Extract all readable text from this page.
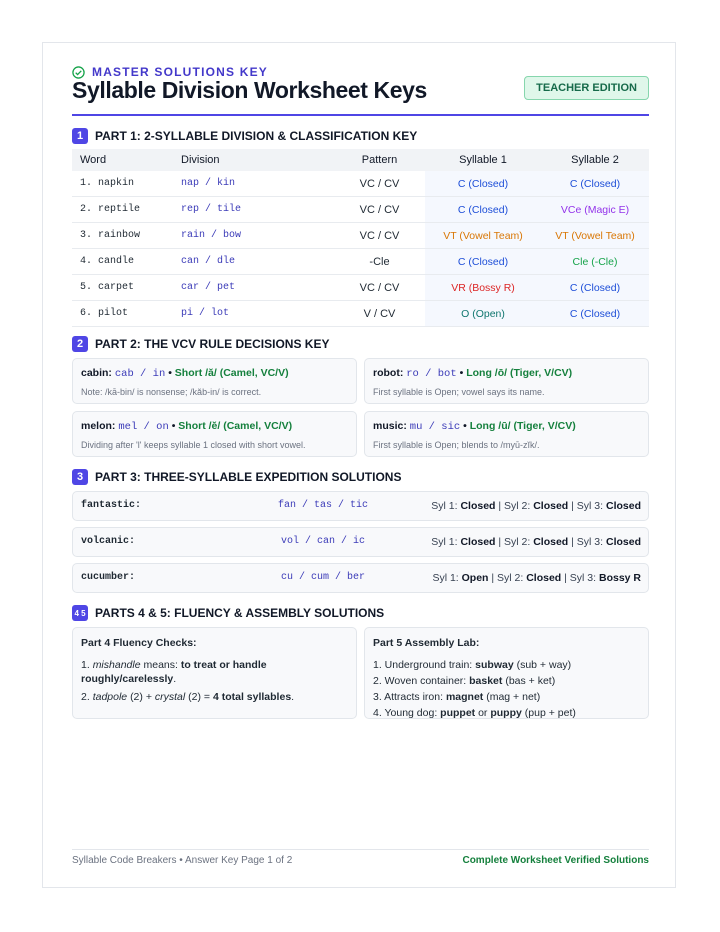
MASTER SOLUTIONS KEY
Syllable Division Worksheet Keys	TEACHER EDITION
1 PART 1: 2-SYLLABLE DIVISION & CLASSIFICATION KEY
Word	Division	Pattern	Syllable 1	Syllable 2
1. napkin	nap / kin	VC / CV	C (Closed)	C (Closed)
2. reptile	rep / tile	VC / CV	C (Closed)	VCe (Magic E)
3. rainbow	rain / bow	VC / CV	VT (Vowel Team)	VT (Vowel Team)
4. candle	can / dle	-Cle	C (Closed)	Cle (-Cle)
5. carpet	car / pet	VC / CV	VR (Bossy R)	C (Closed)
6. pilot	pi / lot	V / CV	O (Open)	C (Closed)
2 PART 2: THE VCV RULE DECISIONS KEY
cabin: cab / in • Short /ă/ (Camel, VC/V)
Note: /kā-bin/ is nonsense; /kăb-in/ is correct.
robot: ro / bot • Long /ō/ (Tiger, V/CV)
First syllable is Open; vowel says its name.
melon: mel / on • Short /ĕ/ (Camel, VC/V)
Dividing after 'l' keeps syllable 1 closed with short vowel.
music: mu / sic • Long /ū/ (Tiger, V/CV)
First syllable is Open; blends to /myū-zĭk/.
3 PART 3: THREE-SYLLABLE EXPEDITION SOLUTIONS
fantastic:	fan / tas / tic	Syl 1: Closed | Syl 2: Closed | Syl 3: Closed
volcanic:	vol / can / ic	Syl 1: Closed | Syl 2: Closed | Syl 3: Closed
cucumber:	cu / cum / ber	Syl 1: Open | Syl 2: Closed | Syl 3: Bossy R
4 5 PARTS 4 & 5: FLUENCY & ASSEMBLY SOLUTIONS
Part 4 Fluency Checks:
1. mishandle means: to treat or handle roughly/carelessly.
2. tadpole (2) + crystal (2) = 4 total syllables.
Part 5 Assembly Lab:
1. Underground train: subway (sub + way)
2. Woven container: basket (bas + ket)
3. Attracts iron: magnet (mag + net)
4. Young dog: puppet or puppy (pup + pet)
Syllable Code Breakers • Answer Key Page 1 of 2	Complete Worksheet Verified Solutions
